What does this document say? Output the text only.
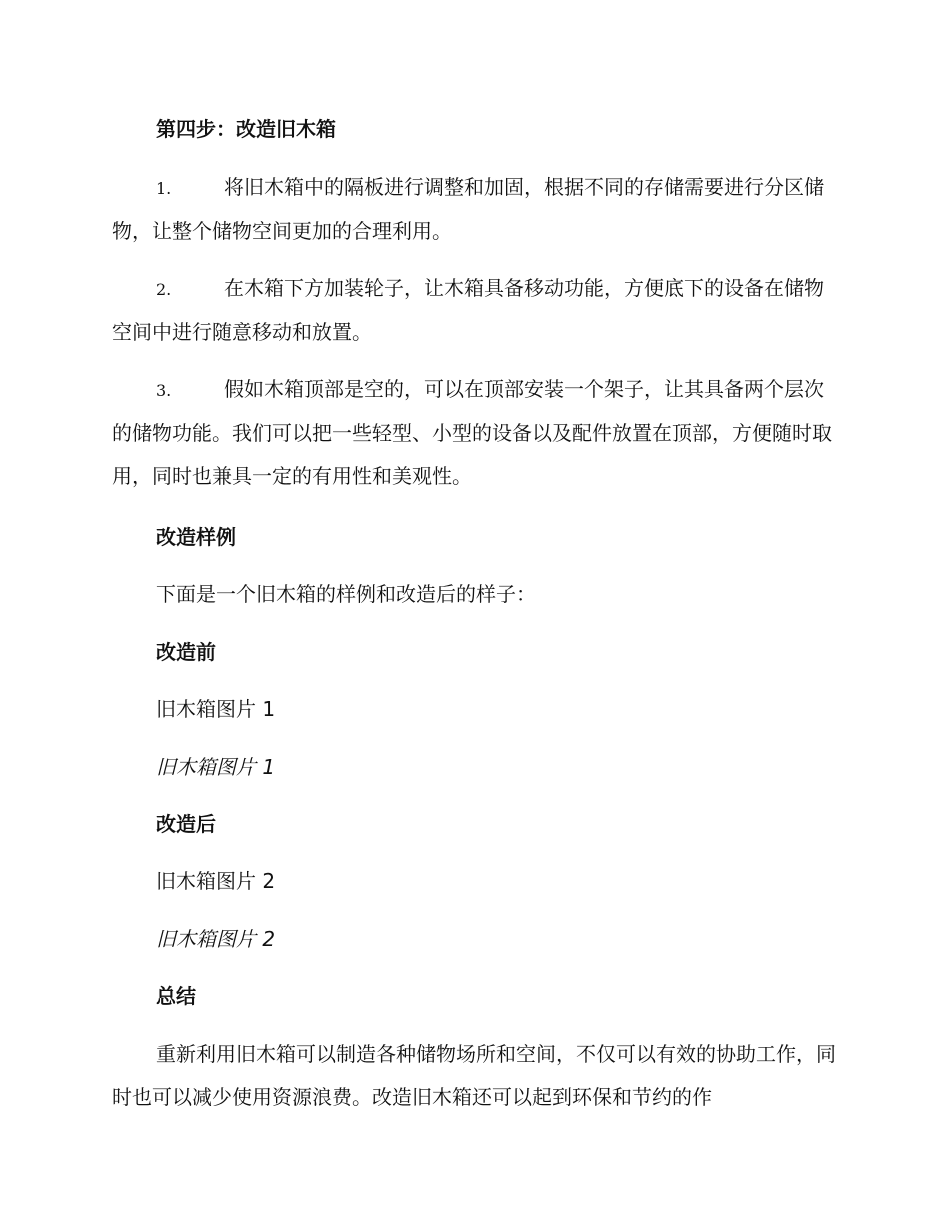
第四步：改造旧木箱
1.	将旧木箱中的隔板进行调整和加固，根据不同的存储需要进行分区储物，让整个储物空间更加的合理利用。
2.	在木箱下方加装轮子，让木箱具备移动功能，方便底下的设备在储物空间中进行随意移动和放置。
3.	假如木箱顶部是空的，可以在顶部安装一个架子，让其具备两个层次的储物功能。我们可以把一些轻型、小型的设备以及配件放置在顶部，方便随时取用，同时也兼具一定的有用性和美观性。
改造样例
下面是一个旧木箱的样例和改造后的样子：
改造前
旧木箱图片 1
旧木箱图片 1
改造后
旧木箱图片 2
旧木箱图片 2
总结
重新利用旧木箱可以制造各种储物场所和空间，不仅可以有效的协助工作，同时也可以减少使用资源浪费。改造旧木箱还可以起到环保和节约的作
